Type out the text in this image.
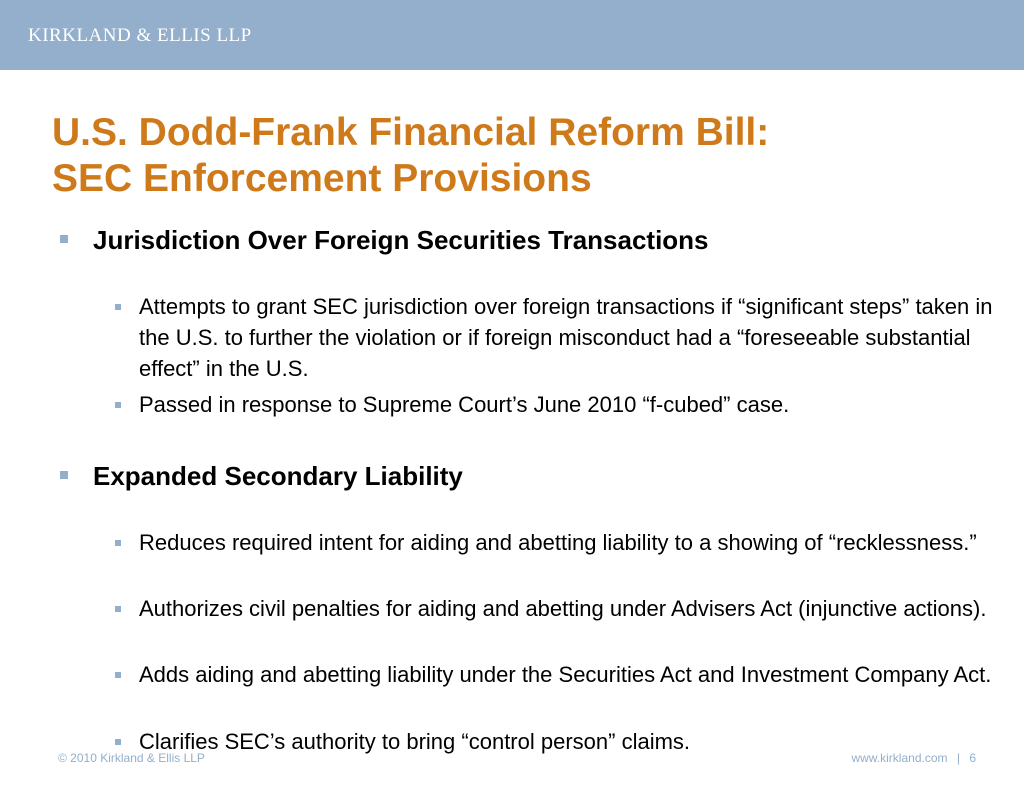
KIRKLAND & ELLIS LLP
U.S. Dodd-Frank Financial Reform Bill:
SEC Enforcement Provisions
Jurisdiction Over Foreign Securities Transactions
Attempts to grant SEC jurisdiction over foreign transactions if “significant steps” taken in the U.S. to further the violation or if foreign misconduct had a “foreseeable substantial effect” in the U.S.
Passed in response to Supreme Court’s June 2010 “f-cubed” case.
Expanded Secondary Liability
Reduces required intent for aiding and abetting liability to a showing of “recklessness.”
Authorizes civil penalties for aiding and abetting under Advisers Act (injunctive actions).
Adds aiding and abetting liability under the Securities Act and Investment Company Act.
Clarifies SEC’s authority to bring “control person” claims.
© 2010 Kirkland & Ellis LLP	www.kirkland.com | 6
